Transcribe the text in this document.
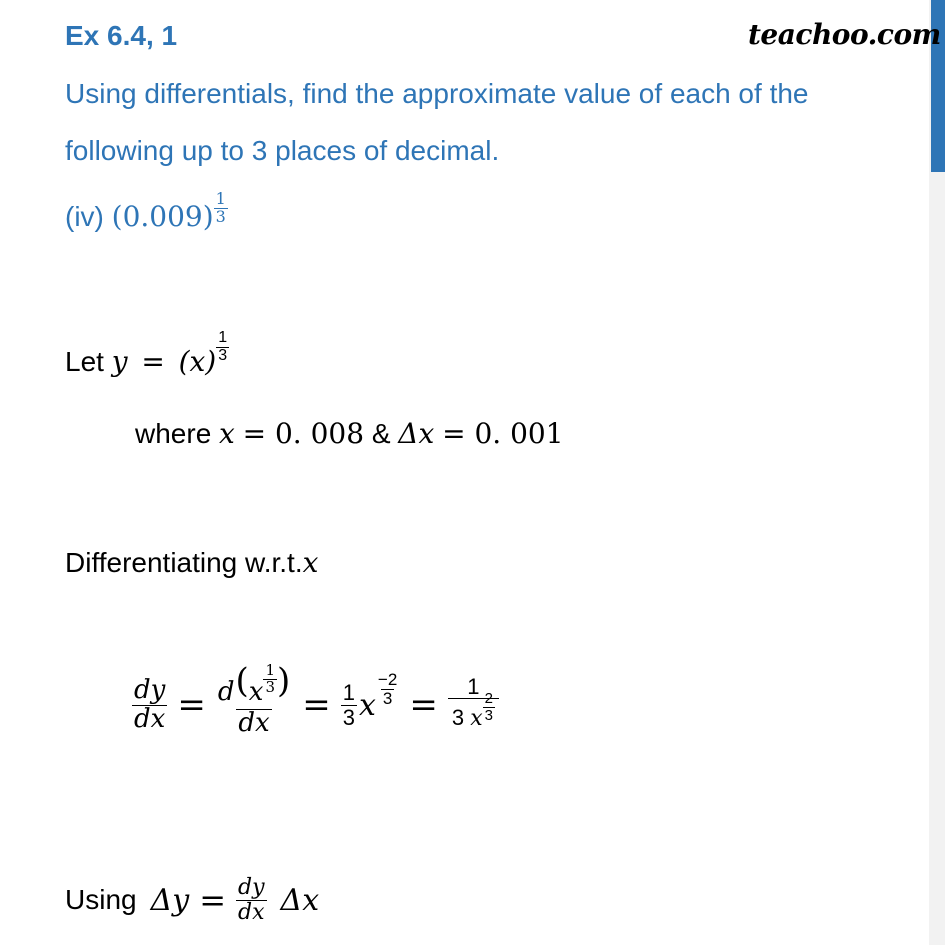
Ex 6.4, 1	teachoo.com
Using differentials, find the approximate value of each of the
following up to 3 places of decimal.
(iv) $(0.009) \frac{1}{3}$
Let $y = (x) \frac{1}{3}$
where x = 0. 008 & Δx = 0. 001
Differentiating w.r.t.x
$\frac{dy}{dx} = \frac{d(x \frac{1}{3} )}{dx} = \frac{1}{3}$ x $\frac{-2}{3} = \frac{1}{3 x \frac{2}{3}}$
Using $\Delta y = \frac{dy}{dx}$ Δx
